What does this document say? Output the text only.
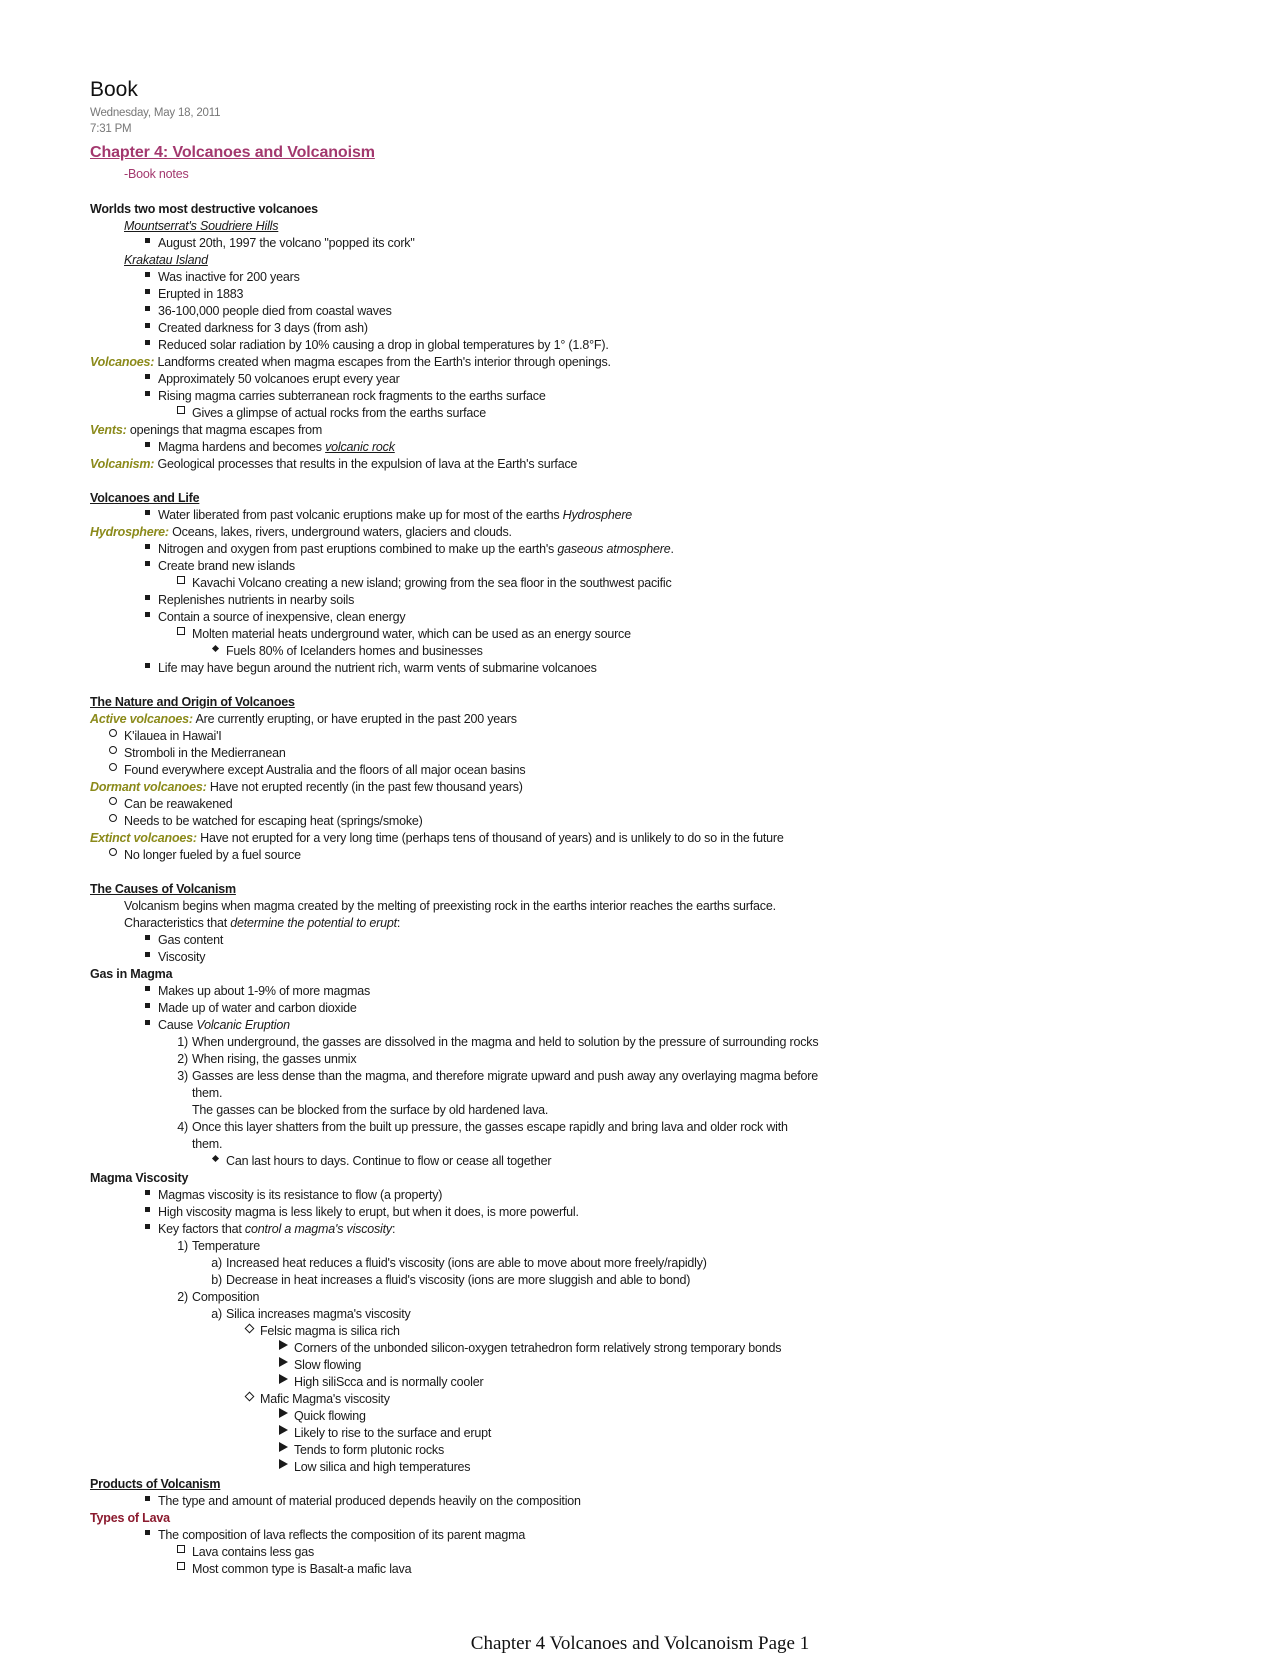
Book
Wednesday, May 18, 2011
7:31 PM
Chapter 4: Volcanoes and Volcanoism
-Book notes
Worlds two most destructive volcanoes
Mountserrat's Soudriere Hills
August 20th, 1997 the volcano "popped its cork"
Krakatau Island
Was inactive for 200 years
Erupted in 1883
36-100,000 people died from coastal waves
Created darkness for 3 days (from ash)
Reduced solar radiation by 10% causing a drop in global temperatures by 1° (1.8°F).
Volcanoes: Landforms created when magma escapes from the Earth's interior through openings.
Approximately 50 volcanoes erupt every year
Rising magma carries subterranean rock fragments to the earths surface
Gives a glimpse of actual rocks from the earths surface
Vents: openings that magma escapes from
Magma hardens and becomes volcanic rock
Volcanism: Geological processes that results in the expulsion of lava at the Earth's surface
Volcanoes and Life
Water liberated from past volcanic eruptions make up for most of the earths Hydrosphere
Hydrosphere: Oceans, lakes, rivers, underground waters, glaciers and clouds.
Nitrogen and oxygen from past eruptions combined to make up the earth's gaseous atmosphere.
Create brand new islands
Kavachi Volcano creating a new island; growing from the sea floor in the southwest pacific
Replenishes nutrients in nearby soils
Contain a source of inexpensive, clean energy
Molten material heats underground water, which can be used as an energy source
Fuels 80% of Icelanders homes and businesses
Life may have begun around the nutrient rich, warm vents of submarine volcanoes
The Nature and Origin of Volcanoes
Active volcanoes: Are currently erupting, or have erupted in the past 200 years
K'ilauea in Hawai'I
Stromboli in the Medierranean
Found everywhere except Australia and the floors of all major ocean basins
Dormant volcanoes: Have not erupted recently (in the past few thousand years)
Can be reawakened
Needs to be watched for escaping heat (springs/smoke)
Extinct volcanoes: Have not erupted for a very long time (perhaps tens of thousand of years) and is unlikely to do so in the future
No longer fueled by a fuel source
The Causes of Volcanism
Volcanism begins when magma created by the melting of preexisting rock in the earths interior reaches the earths surface.
Characteristics that determine the potential to erupt:
Gas content
Viscosity
Gas in Magma
Makes up about 1-9% of more magmas
Made up of water and carbon dioxide
Cause Volcanic Eruption
1) When underground, the gasses are dissolved in the magma and held to solution by the pressure of surrounding rocks
2) When rising, the gasses unmix
3) Gasses are less dense than the magma, and therefore migrate upward and push away any overlaying magma before
them.
The gasses can be blocked from the surface by old hardened lava.
4) Once this layer shatters from the built up pressure, the gasses escape rapidly and bring lava and older rock with
them.
Can last hours to days. Continue to flow or cease all together
Magma Viscosity
Magmas viscosity is its resistance to flow (a property)
High viscosity magma is less likely to erupt, but when it does, is more powerful.
Key factors that control a magma's viscosity:
1) Temperature
a) Increased heat reduces a fluid's viscosity (ions are able to move about more freely/rapidly)
b) Decrease in heat increases a fluid's viscosity (ions are more sluggish and able to bond)
2) Composition
a) Silica increases magma's viscosity
Felsic magma is silica rich
Corners of the unbonded silicon-oxygen tetrahedron form relatively strong temporary bonds
Slow flowing
High siliScca and is normally cooler
Mafic Magma's viscosity
Quick flowing
Likely to rise to the surface and erupt
Tends to form plutonic rocks
Low silica and high temperatures
Products of Volcanism
The type and amount of material produced depends heavily on the composition
Types of Lava
The composition of lava reflects the composition of its parent magma
Lava contains less gas
Most common type is Basalt-a mafic lava
Chapter 4 Volcanoes and Volcanoism Page 1
